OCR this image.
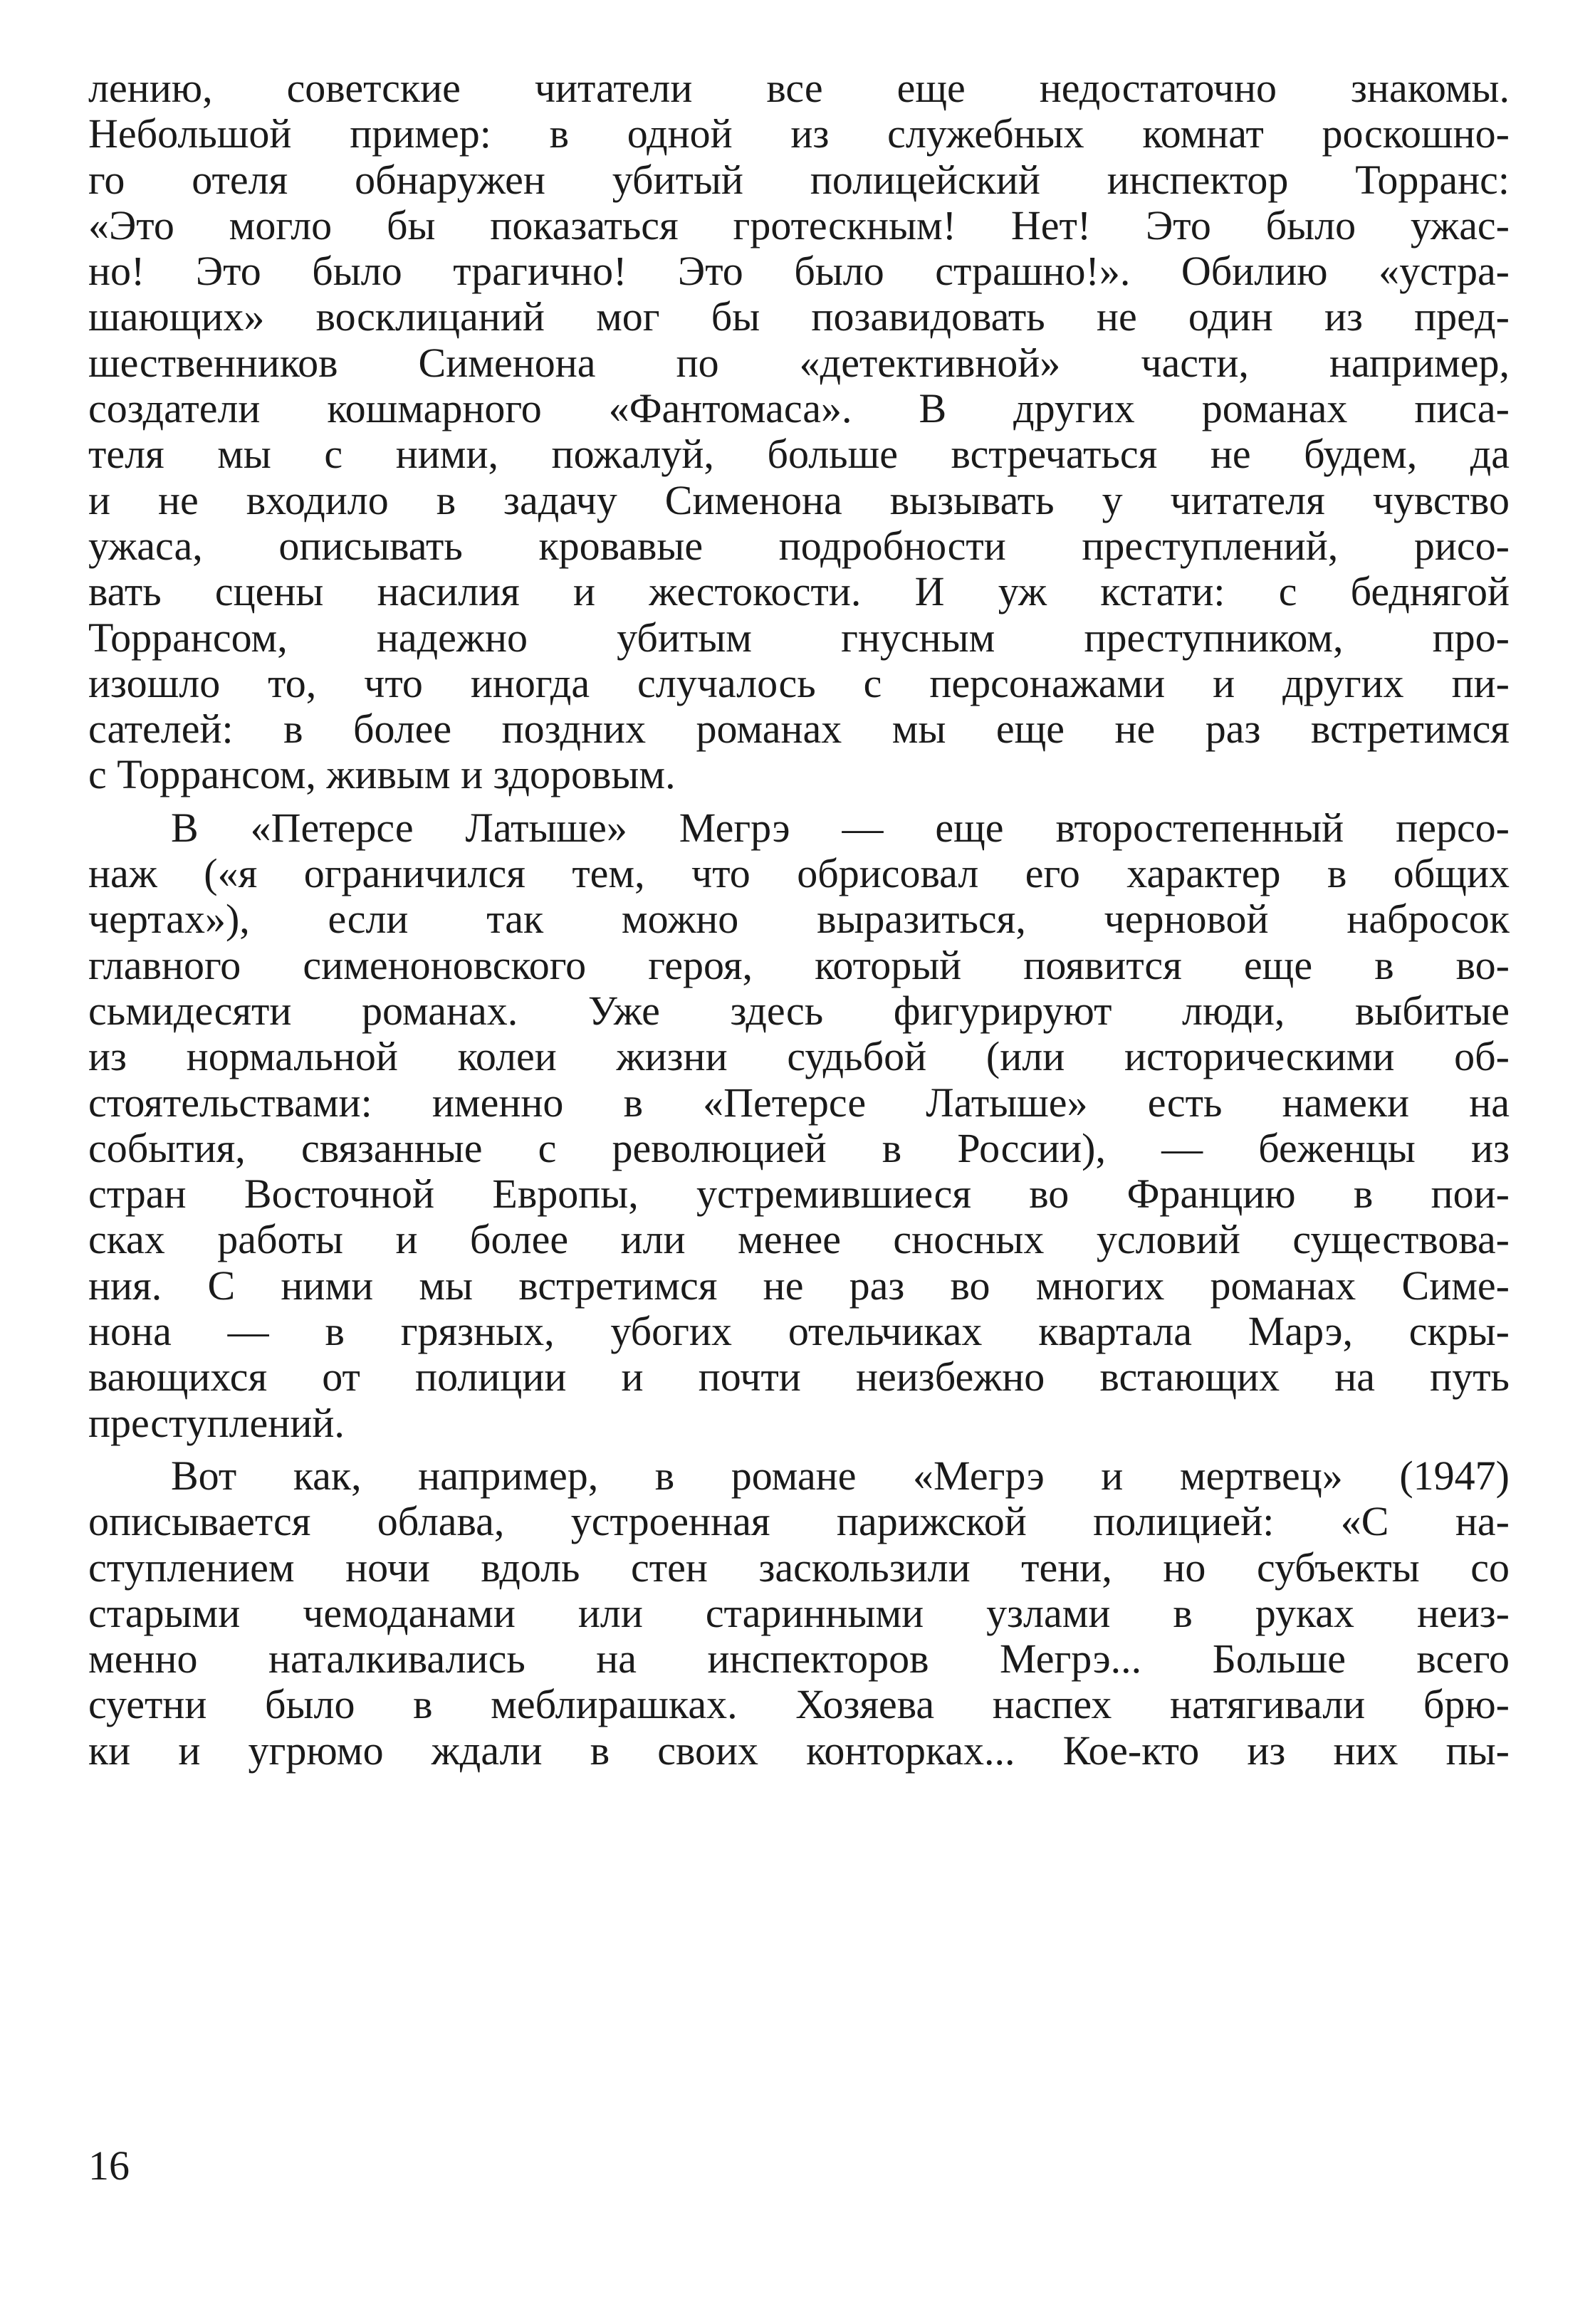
лению, советские читатели все еще недостаточно знакомы.
Небольшой пример: в одной из служебных комнат роскошно-
го отеля обнаружен убитый полицейский инспектор Торранс:
«Это могло бы показаться гротескным! Нет! Это было ужас-
но! Это было трагично! Это было страшно!». Обилию «устра-
шающих» восклицаний мог бы позавидовать не один из пред-
шественников Сименона по «детективной» части, например,
создатели кошмарного «Фантомаса». В других романах писа-
теля мы с ними, пожалуй, больше встречаться не будем, да
и не входило в задачу Сименона вызывать у читателя чувство
ужаса, описывать кровавые подробности преступлений, рисо-
вать сцены насилия и жестокости. И уж кстати: с беднягой
Торрансом, надежно убитым гнусным преступником, про-
изошло то, что иногда случалось с персонажами и других пи-
сателей: в более поздних романах мы еще не раз встретимся
с Торрансом, живым и здоровым.
В «Петерсе Латыше» Мегрэ — еще второстепенный персо-
наж («я ограничился тем, что обрисовал его характер в общих
чертах»), если так можно выразиться, черновой набросок
главного сименоновского героя, который появится еще в во-
сьмидесяти романах. Уже здесь фигурируют люди, выбитые
из нормальной колеи жизни судьбой (или историческими об-
стоятельствами: именно в «Петерсе Латыше» есть намеки на
события, связанные с революцией в России), — беженцы из
стран Восточной Европы, устремившиеся во Францию в пои-
сках работы и более или менее сносных условий существова-
ния. С ними мы встретимся не раз во многих романах Симе-
нона — в грязных, убогих отельчиках квартала Марэ, скры-
вающихся от полиции и почти неизбежно встающих на путь
преступлений.
Вот как, например, в романе «Мегрэ и мертвец» (1947)
описывается облава, устроенная парижской полицией: «С на-
ступлением ночи вдоль стен заскользили тени, но субъекты со
старыми чемоданами или старинными узлами в руках неиз-
менно наталкивались на инспекторов Мегрэ... Больше всего
суетни было в меблирашках. Хозяева наспех натягивали брю-
ки и угрюмо ждали в своих конторках... Кое-кто из них пы-
16
